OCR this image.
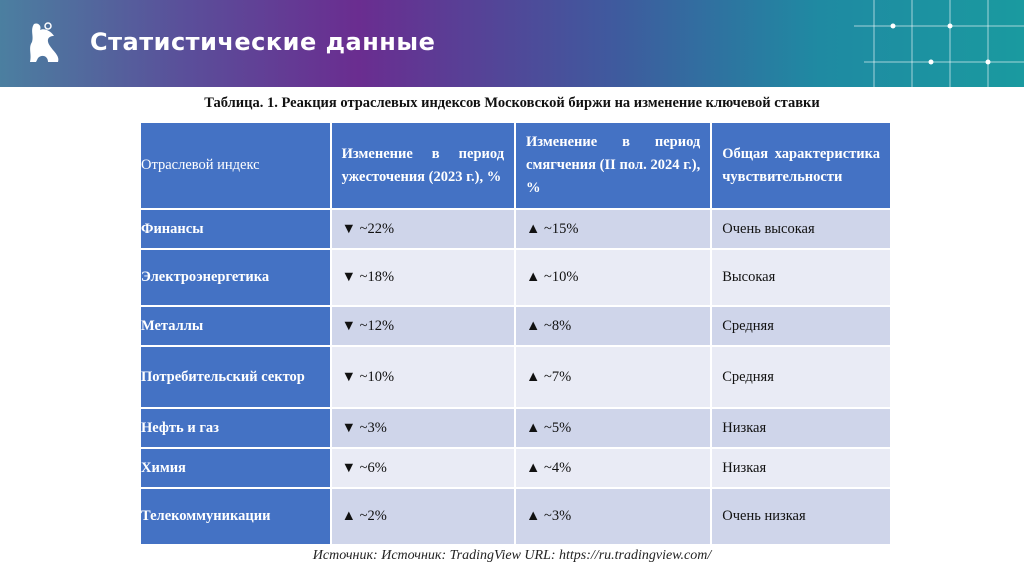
Статистические данные
Таблица. 1. Реакция отраслевых индексов Московской биржи на изменение ключевой ставки
Отраслевой индекс	Изменение в период ужесточения (2023 г.), %	Изменение в период смягчения (II пол. 2024 г.), %	Общая характеристика чувствительности
Финансы	▼ ~22%	▲ ~15%	Очень высокая
Электроэнергетика	▼ ~18%	▲ ~10%	Высокая
Металлы	▼ ~12%	▲ ~8%	Средняя
Потребительский сектор	▼ ~10%	▲ ~7%	Средняя
Нефть и газ	▼ ~3%	▲ ~5%	Низкая
Химия	▼ ~6%	▲ ~4%	Низкая
Телекоммуникации	▲ ~2%	▲ ~3%	Очень низкая
Источник: Источник: TradingView URL: https://ru.tradingview.com/
